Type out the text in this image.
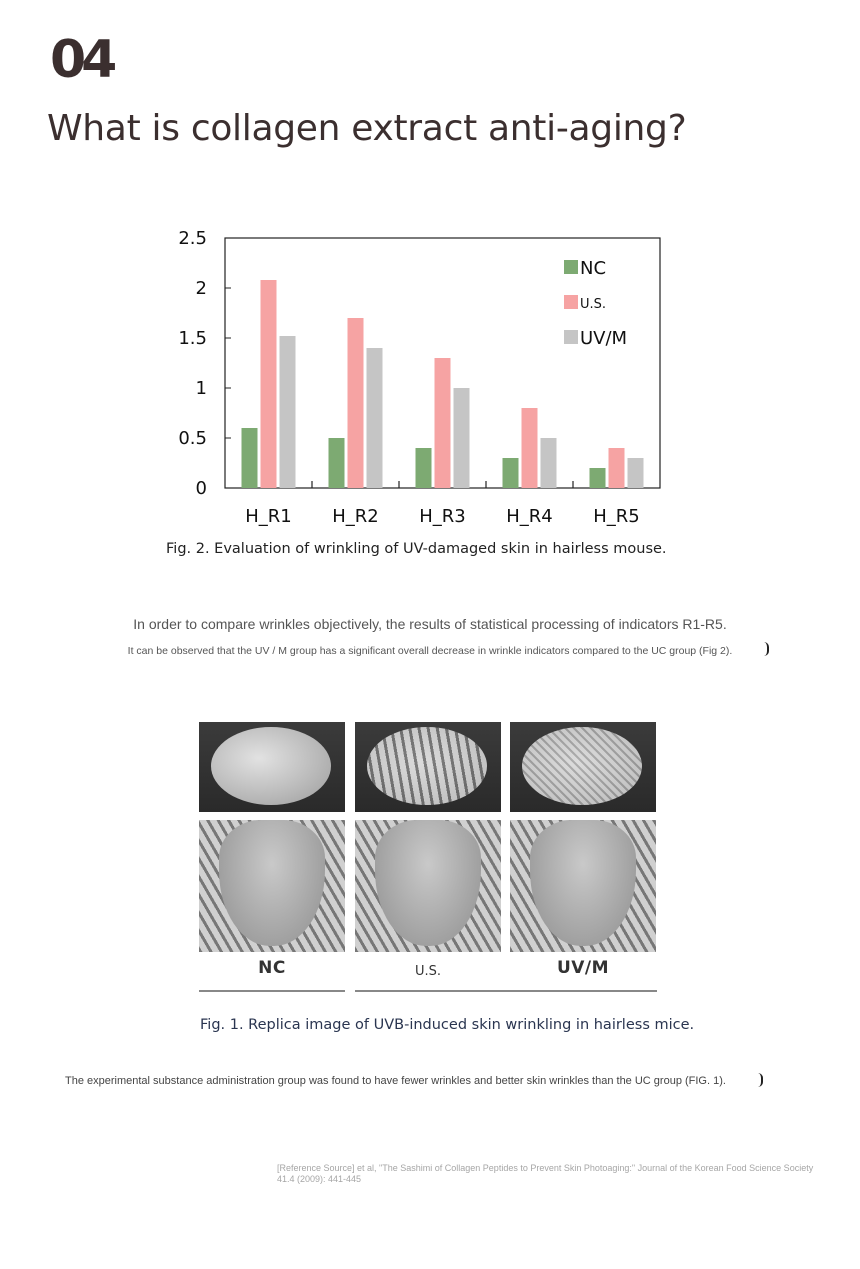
04
What is collagen extract anti-aging?
0
0.5
1
1.5
2
2.5
H_R1 H_R2 H_R3 H_R4 H_R5
NC
U.S.
UV/M
Fig. 2. Evaluation of wrinkling of UV-damaged skin in hairless mouse.
In order to compare wrinkles objectively, the results of statistical processing of indicators R1-R5.
It can be observed that the UV / M group has a significant overall decrease in wrinkle indicators compared to the UC group (Fig 2).
NC	U.S.	UV/M
Fig. 1. Replica image of UVB-induced skin wrinkling in hairless mice.
The experimental substance administration group was found to have fewer wrinkles and better skin wrinkles than the UC group (FIG. 1).
[Reference Source] et al, "The Sashimi of Collagen Peptides to Prevent Skin Photoaging:" Journal of the Korean Food Science Society 41.4 (2009): 441-445
